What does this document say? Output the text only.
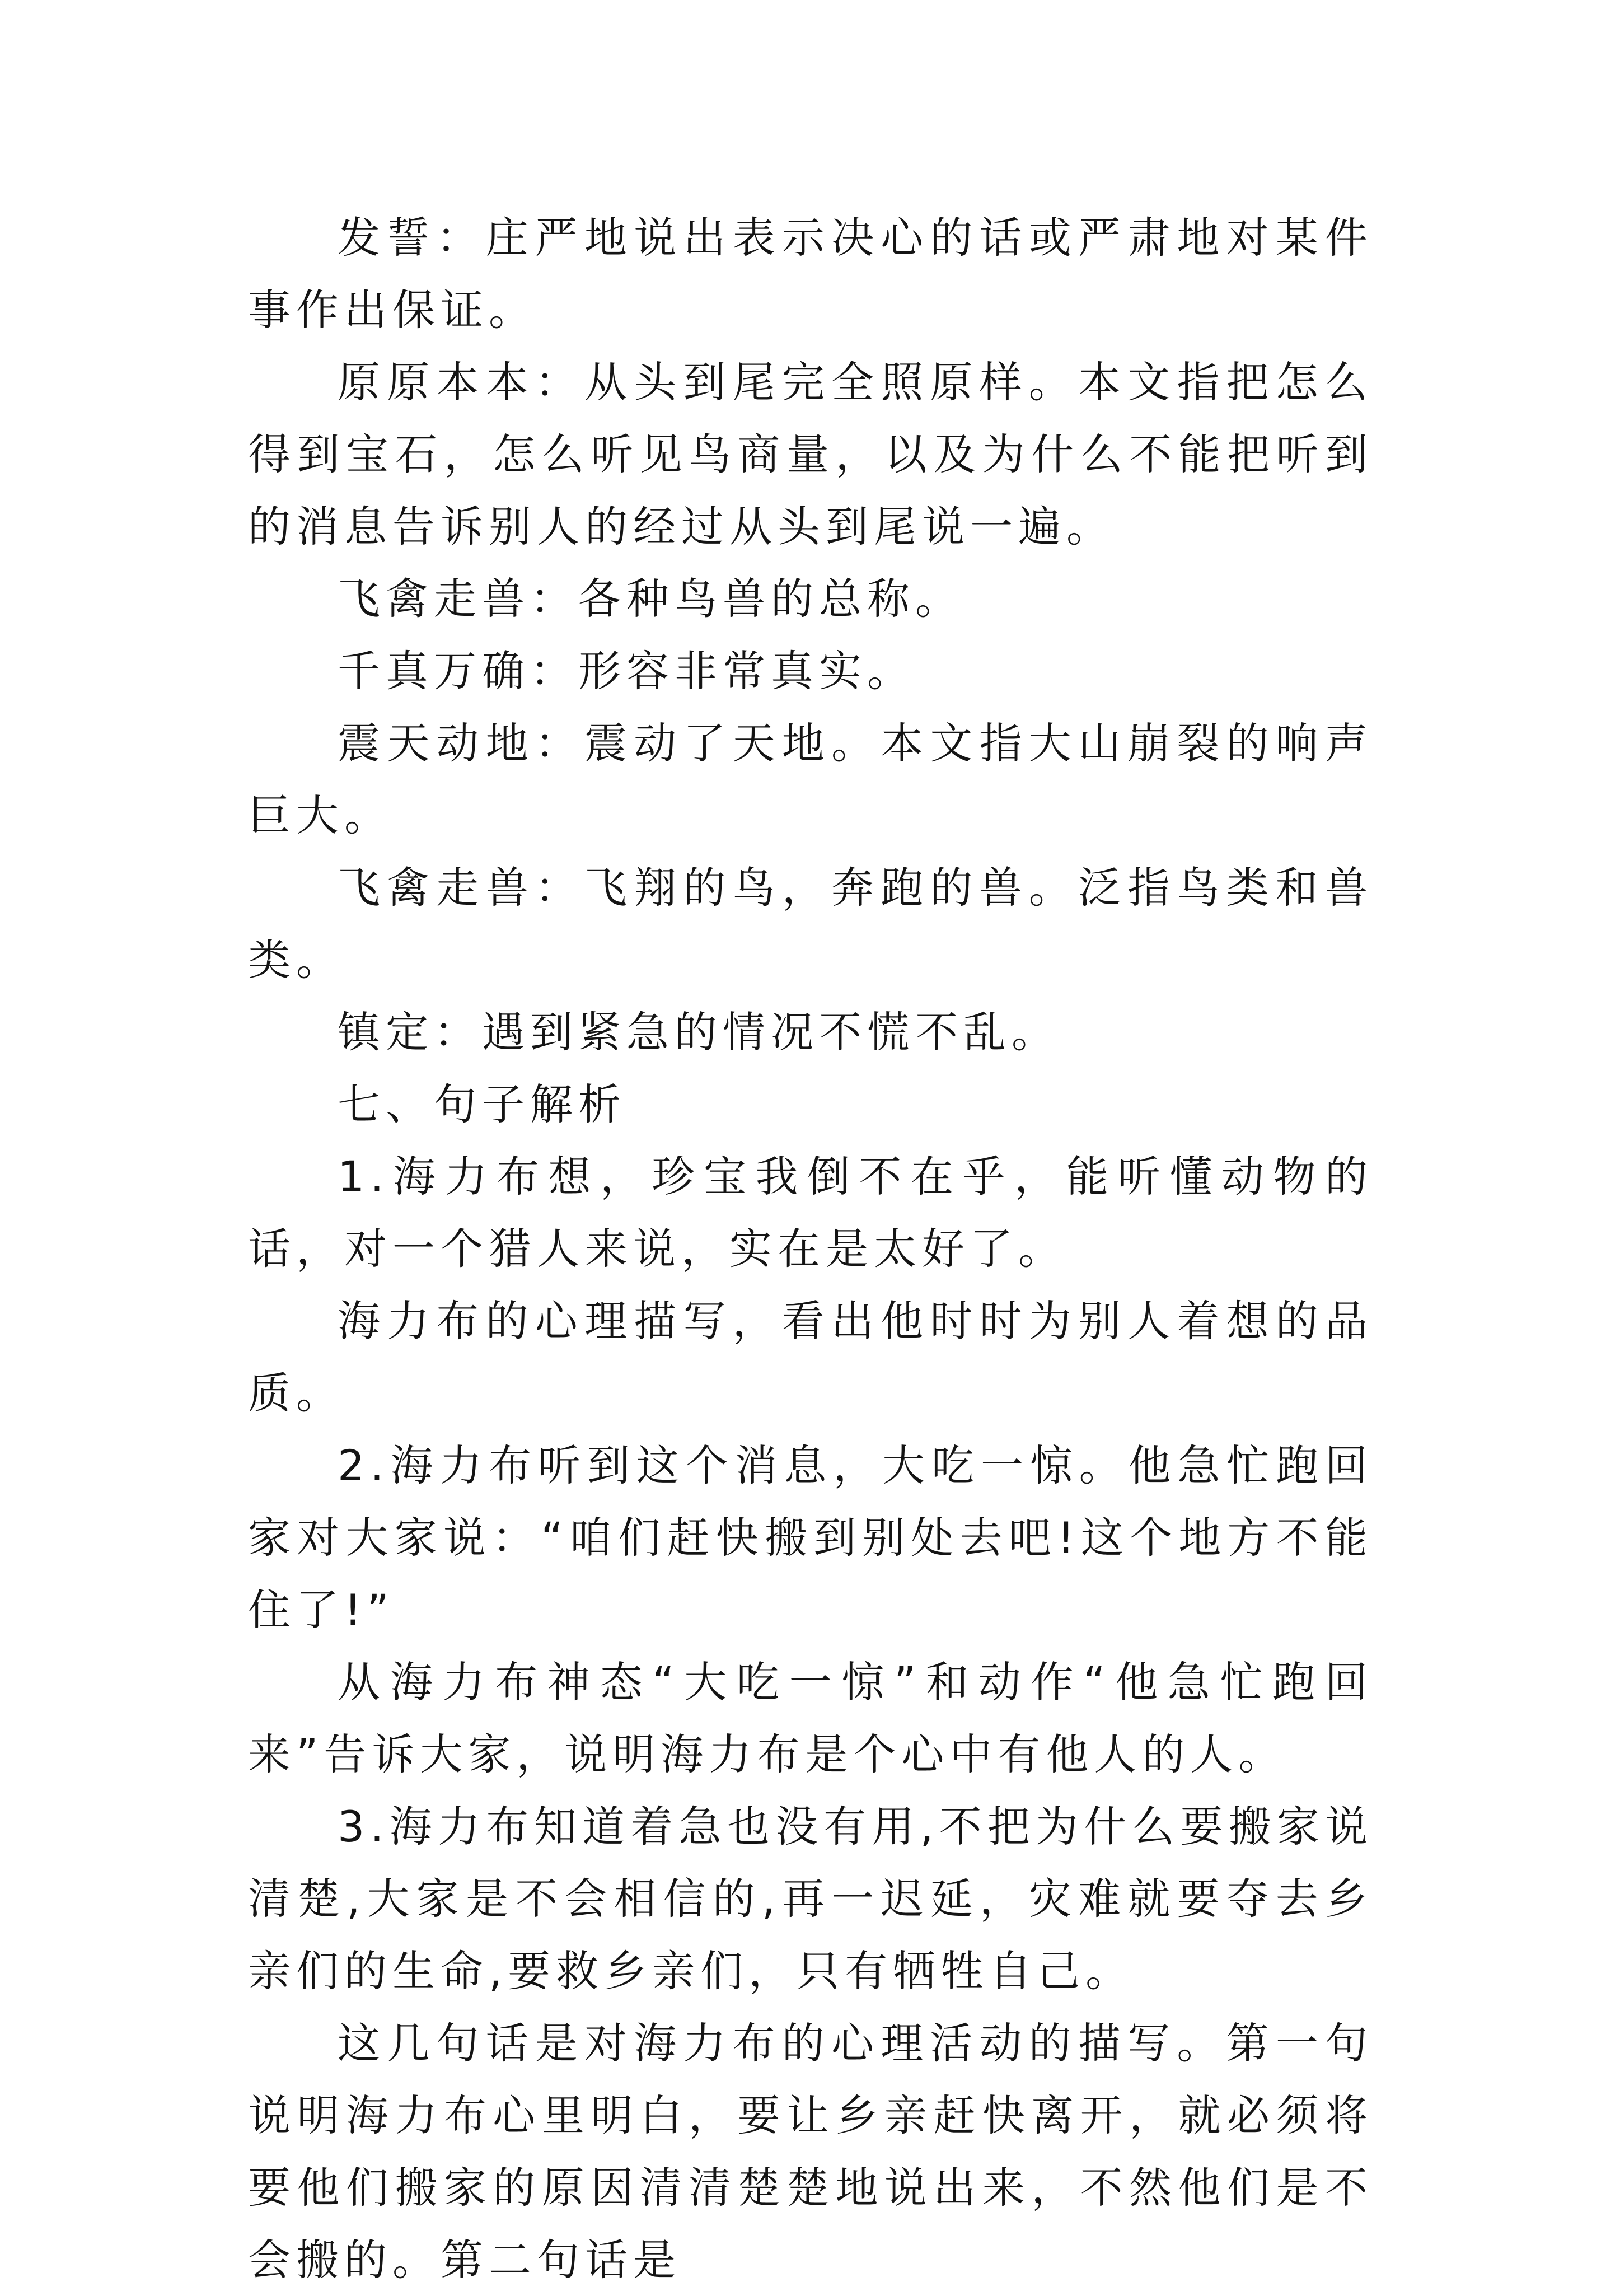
发誓：庄严地说出表示决心的话或严肃地对某件事作出保证。

原原本本：从头到尾完全照原样。本文指把怎么得到宝石，怎么听见鸟商量，以及为什么不能把听到的消息告诉别人的经过从头到尾说一遍。

飞禽走兽：各种鸟兽的总称。

千真万确：形容非常真实。

震天动地：震动了天地。本文指大山崩裂的响声巨大。

飞禽走兽：飞翔的鸟，奔跑的兽。泛指鸟类和兽类。

镇定：遇到紧急的情况不慌不乱。

七、句子解析

1.海力布想，珍宝我倒不在乎，能听懂动物的话，对一个猎人来说，实在是太好了。

海力布的心理描写，看出他时时为别人着想的品质。

2.海力布听到这个消息，大吃一惊。他急忙跑回家对大家说：“咱们赶快搬到别处去吧!这个地方不能住了!”

从海力布神态“大吃一惊”和动作“他急忙跑回来”告诉大家，说明海力布是个心中有他人的人。

3.海力布知道着急也没有用,不把为什么要搬家说清楚,大家是不会相信的,再一迟延，灾难就要夺去乡亲们的生命,要救乡亲们，只有牺牲自己。

这几句话是对海力布的心理活动的描写。第一句说明海力布心里明白，要让乡亲赶快离开，就必须将要他们搬家的原因清清楚楚地说出来，不然他们是不会搬的。第二句话是
